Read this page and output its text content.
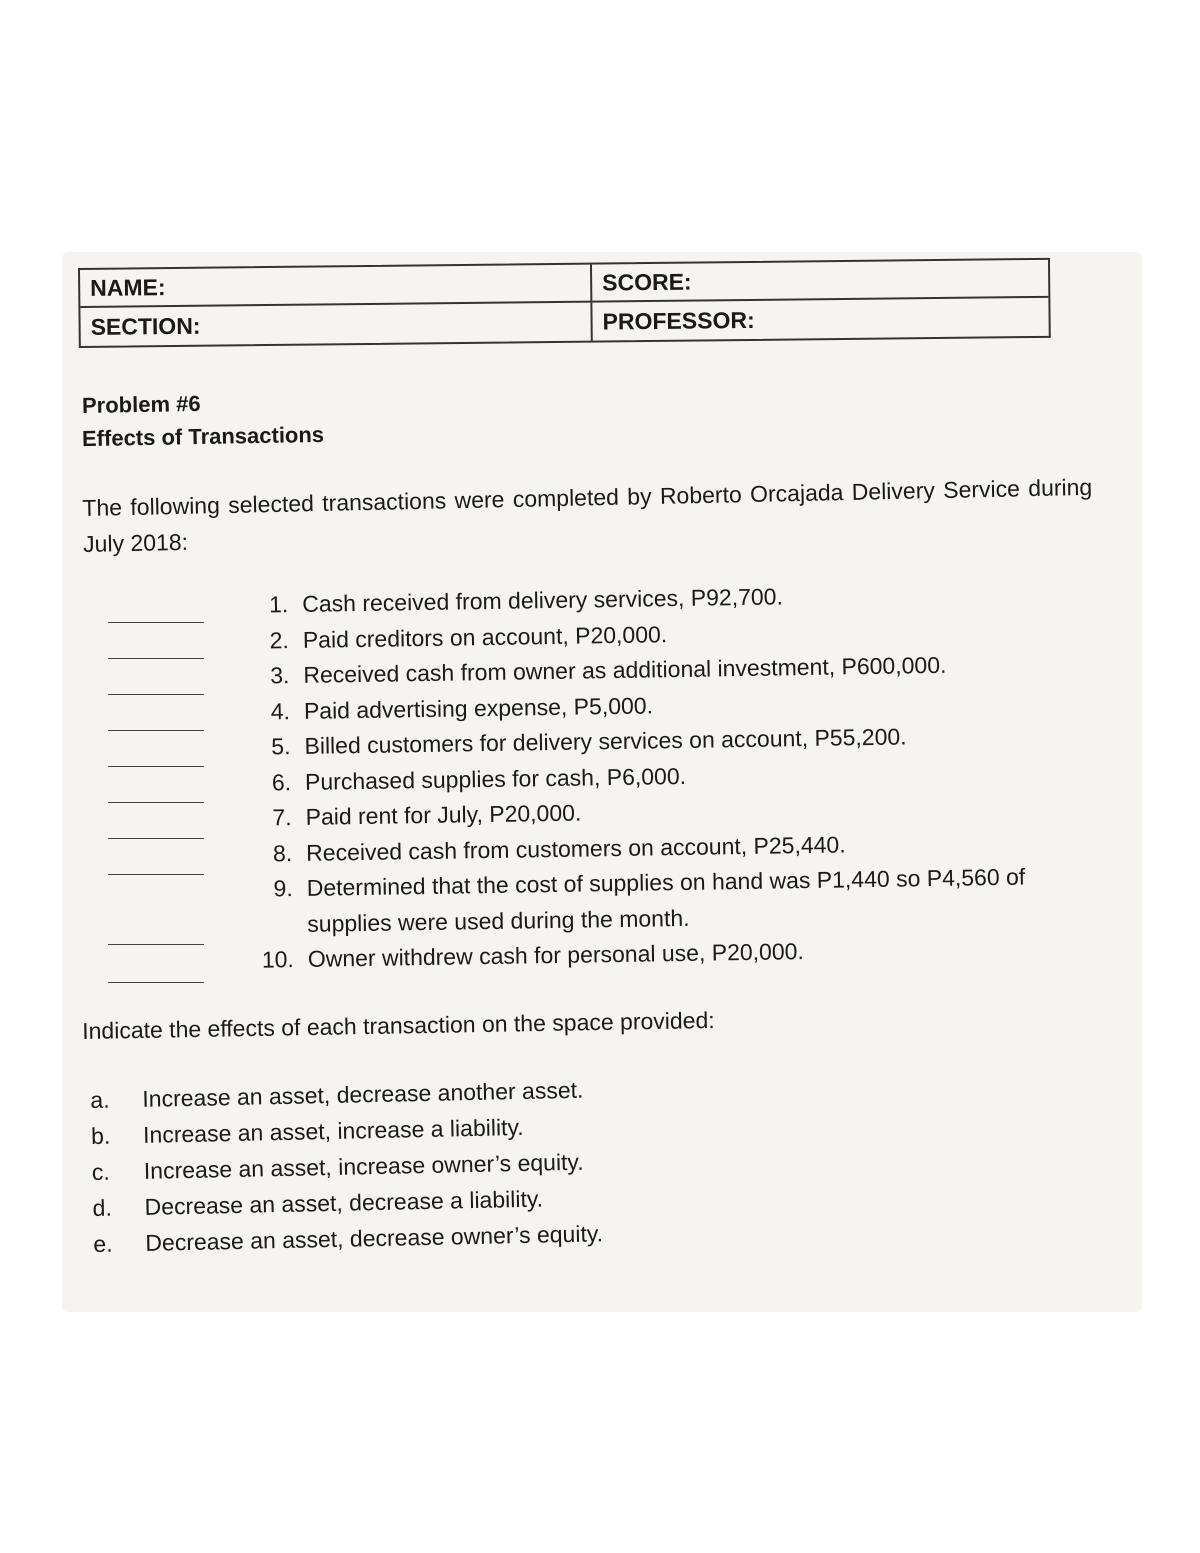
NAME:	SCORE:
SECTION:	PROFESSOR:
Problem #6
Effects of Transactions
The following selected transactions were completed by Roberto Orcajada Delivery Service during July 2018:
1. Cash received from delivery services, P92,700.
2. Paid creditors on account, P20,000.
3. Received cash from owner as additional investment, P600,000.
4. Paid advertising expense, P5,000.
5. Billed customers for delivery services on account, P55,200.
6. Purchased supplies for cash, P6,000.
7. Paid rent for July, P20,000.
8. Received cash from customers on account, P25,440.
9. Determined that the cost of supplies on hand was P1,440 so P4,560 of supplies were used during the month.
10. Owner withdrew cash for personal use, P20,000.
Indicate the effects of each transaction on the space provided:
a.	Increase an asset, decrease another asset.
b.	Increase an asset, increase a liability.
c.	Increase an asset, increase owner’s equity.
d.	Decrease an asset, decrease a liability.
e.	Decrease an asset, decrease owner’s equity.
